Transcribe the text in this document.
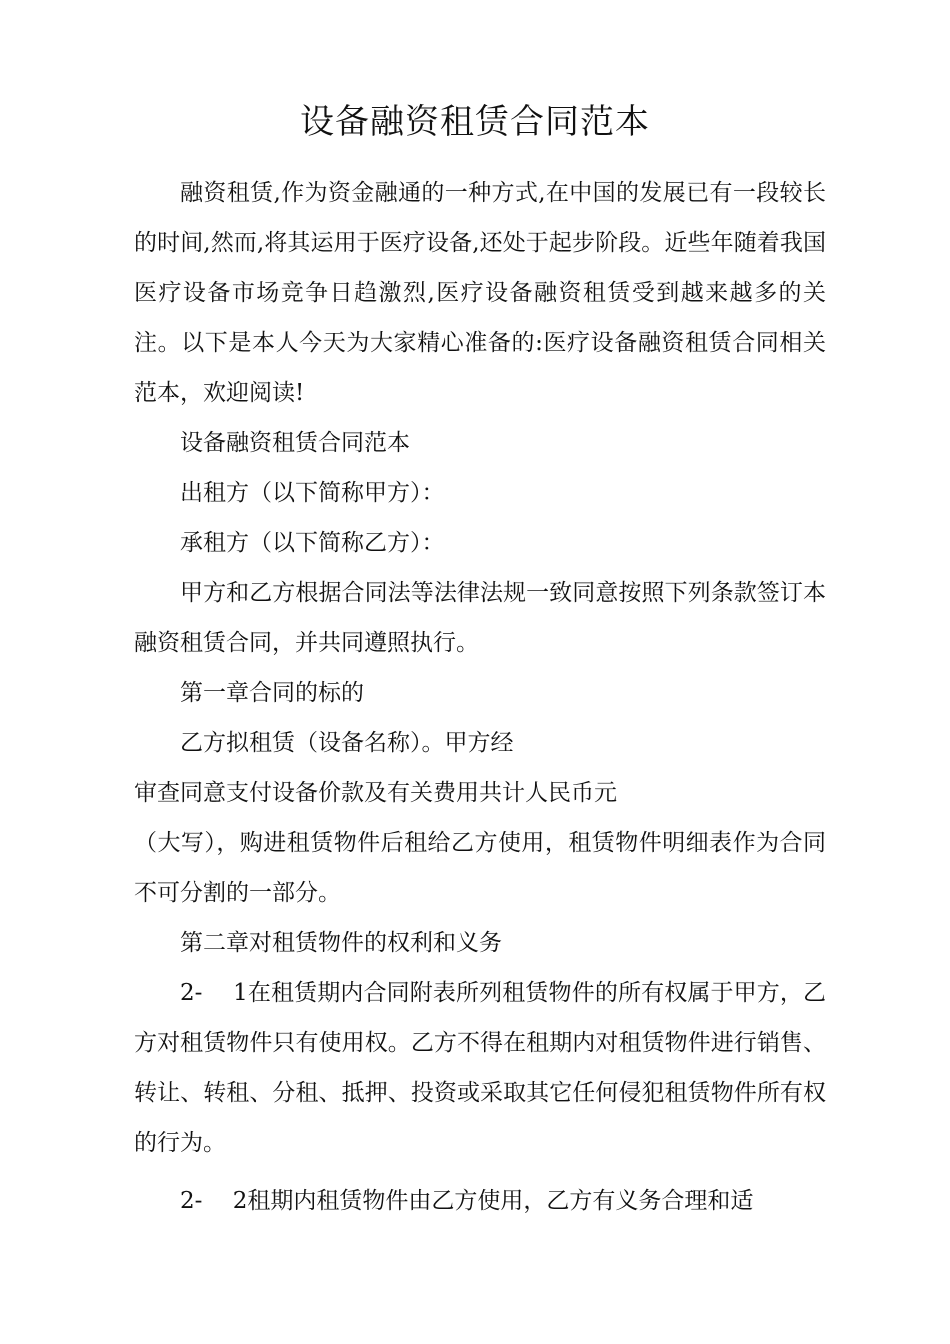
设备融资租赁合同范本

融资租赁,作为资金融通的一种方式,在中国的发展已有一段较长的时间,然而,将其运用于医疗设备,还处于起步阶段。近些年随着我国医疗设备市场竞争日趋激烈,医疗设备融资租赁受到越来越多的关注。以下是本人今天为大家精心准备的:医疗设备融资租赁合同相关范本，欢迎阅读!

设备融资租赁合同范本

出租方（以下简称甲方）：

承租方（以下简称乙方）：

甲方和乙方根据合同法等法律法规一致同意按照下列条款签订本融资租赁合同，并共同遵照执行。

第一章合同的标的

乙方拟租赁（设备名称）。甲方经

审查同意支付设备价款及有关费用共计人民币元

（大写），购进租赁物件后租给乙方使用，租赁物件明细表作为合同不可分割的一部分。

第二章对租赁物件的权利和义务

2-　 1在租赁期内合同附表所列租赁物件的所有权属于甲方，乙方对租赁物件只有使用权。乙方不得在租期内对租赁物件进行销售、转让、转租、分租、抵押、投资或采取其它任何侵犯租赁物件所有权的行为。

2-　 2租期内租赁物件由乙方使用，乙方有义务合理和适
